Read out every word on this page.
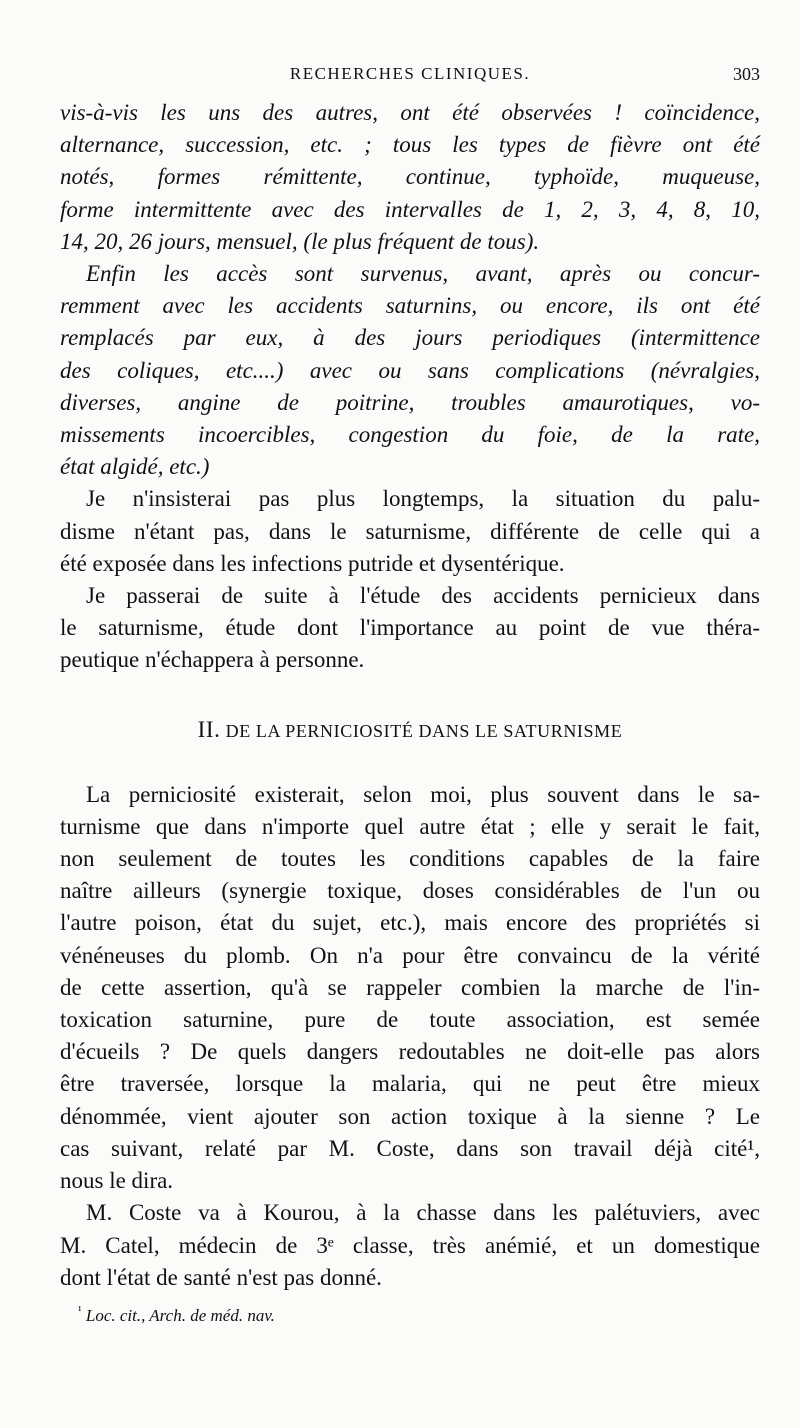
RECHERCHES CLINIQUES.	303

vis-à-vis les uns des autres, ont été observées ! coïncidence,
alternance, succession, etc. ; tous les types de fièvre ont été
notés, formes rémittente, continue, typhoïde, muqueuse,
forme intermittente avec des intervalles de 1, 2, 3, 4, 8, 10,
14, 20, 26 jours, mensuel, (le plus fréquent de tous).

Enfin les accès sont survenus, avant, après ou concur-
remment avec les accidents saturnins, ou encore, ils ont été
remplacés par eux, à des jours periodiques (intermittence
des coliques, etc....) avec ou sans complications (névralgies,
diverses, angine de poitrine, troubles amaurotiques, vo-
missements incoercibles, congestion du foie, de la rate,
état algidé, etc.)

Je n'insisterai pas plus longtemps, la situation du palu-
disme n'étant pas, dans le saturnisme, différente de celle qui a
été exposée dans les infections putride et dysentérique.

Je passerai de suite à l'étude des accidents pernicieux dans
le saturnisme, étude dont l'importance au point de vue théra-
peutique n'échappera à personne.

II. DE LA PERNICIOSITÉ DANS LE SATURNISME

La perniciosité existerait, selon moi, plus souvent dans le sa-
turnisme que dans n'importe quel autre état ; elle y serait le fait,
non seulement de toutes les conditions capables de la faire
naître ailleurs (synergie toxique, doses considérables de l'un ou
l'autre poison, état du sujet, etc.), mais encore des propriétés si
vénéneuses du plomb. On n'a pour être convaincu de la vérité
de cette assertion, qu'à se rappeler combien la marche de l'in-
toxication saturnine, pure de toute association, est semée
d'écueils ? De quels dangers redoutables ne doit-elle pas alors
être traversée, lorsque la malaria, qui ne peut être mieux
dénommée, vient ajouter son action toxique à la sienne ? Le
cas suivant, relaté par M. Coste, dans son travail déjà cité¹,
nous le dira.

M. Coste va à Kourou, à la chasse dans les palétuviers, avec
M. Catel, médecin de 3ᵉ classe, très anémié, et un domestique
dont l'état de santé n'est pas donné.

$^{^1}$ Loc. cit., Arch. de méd. nav.
